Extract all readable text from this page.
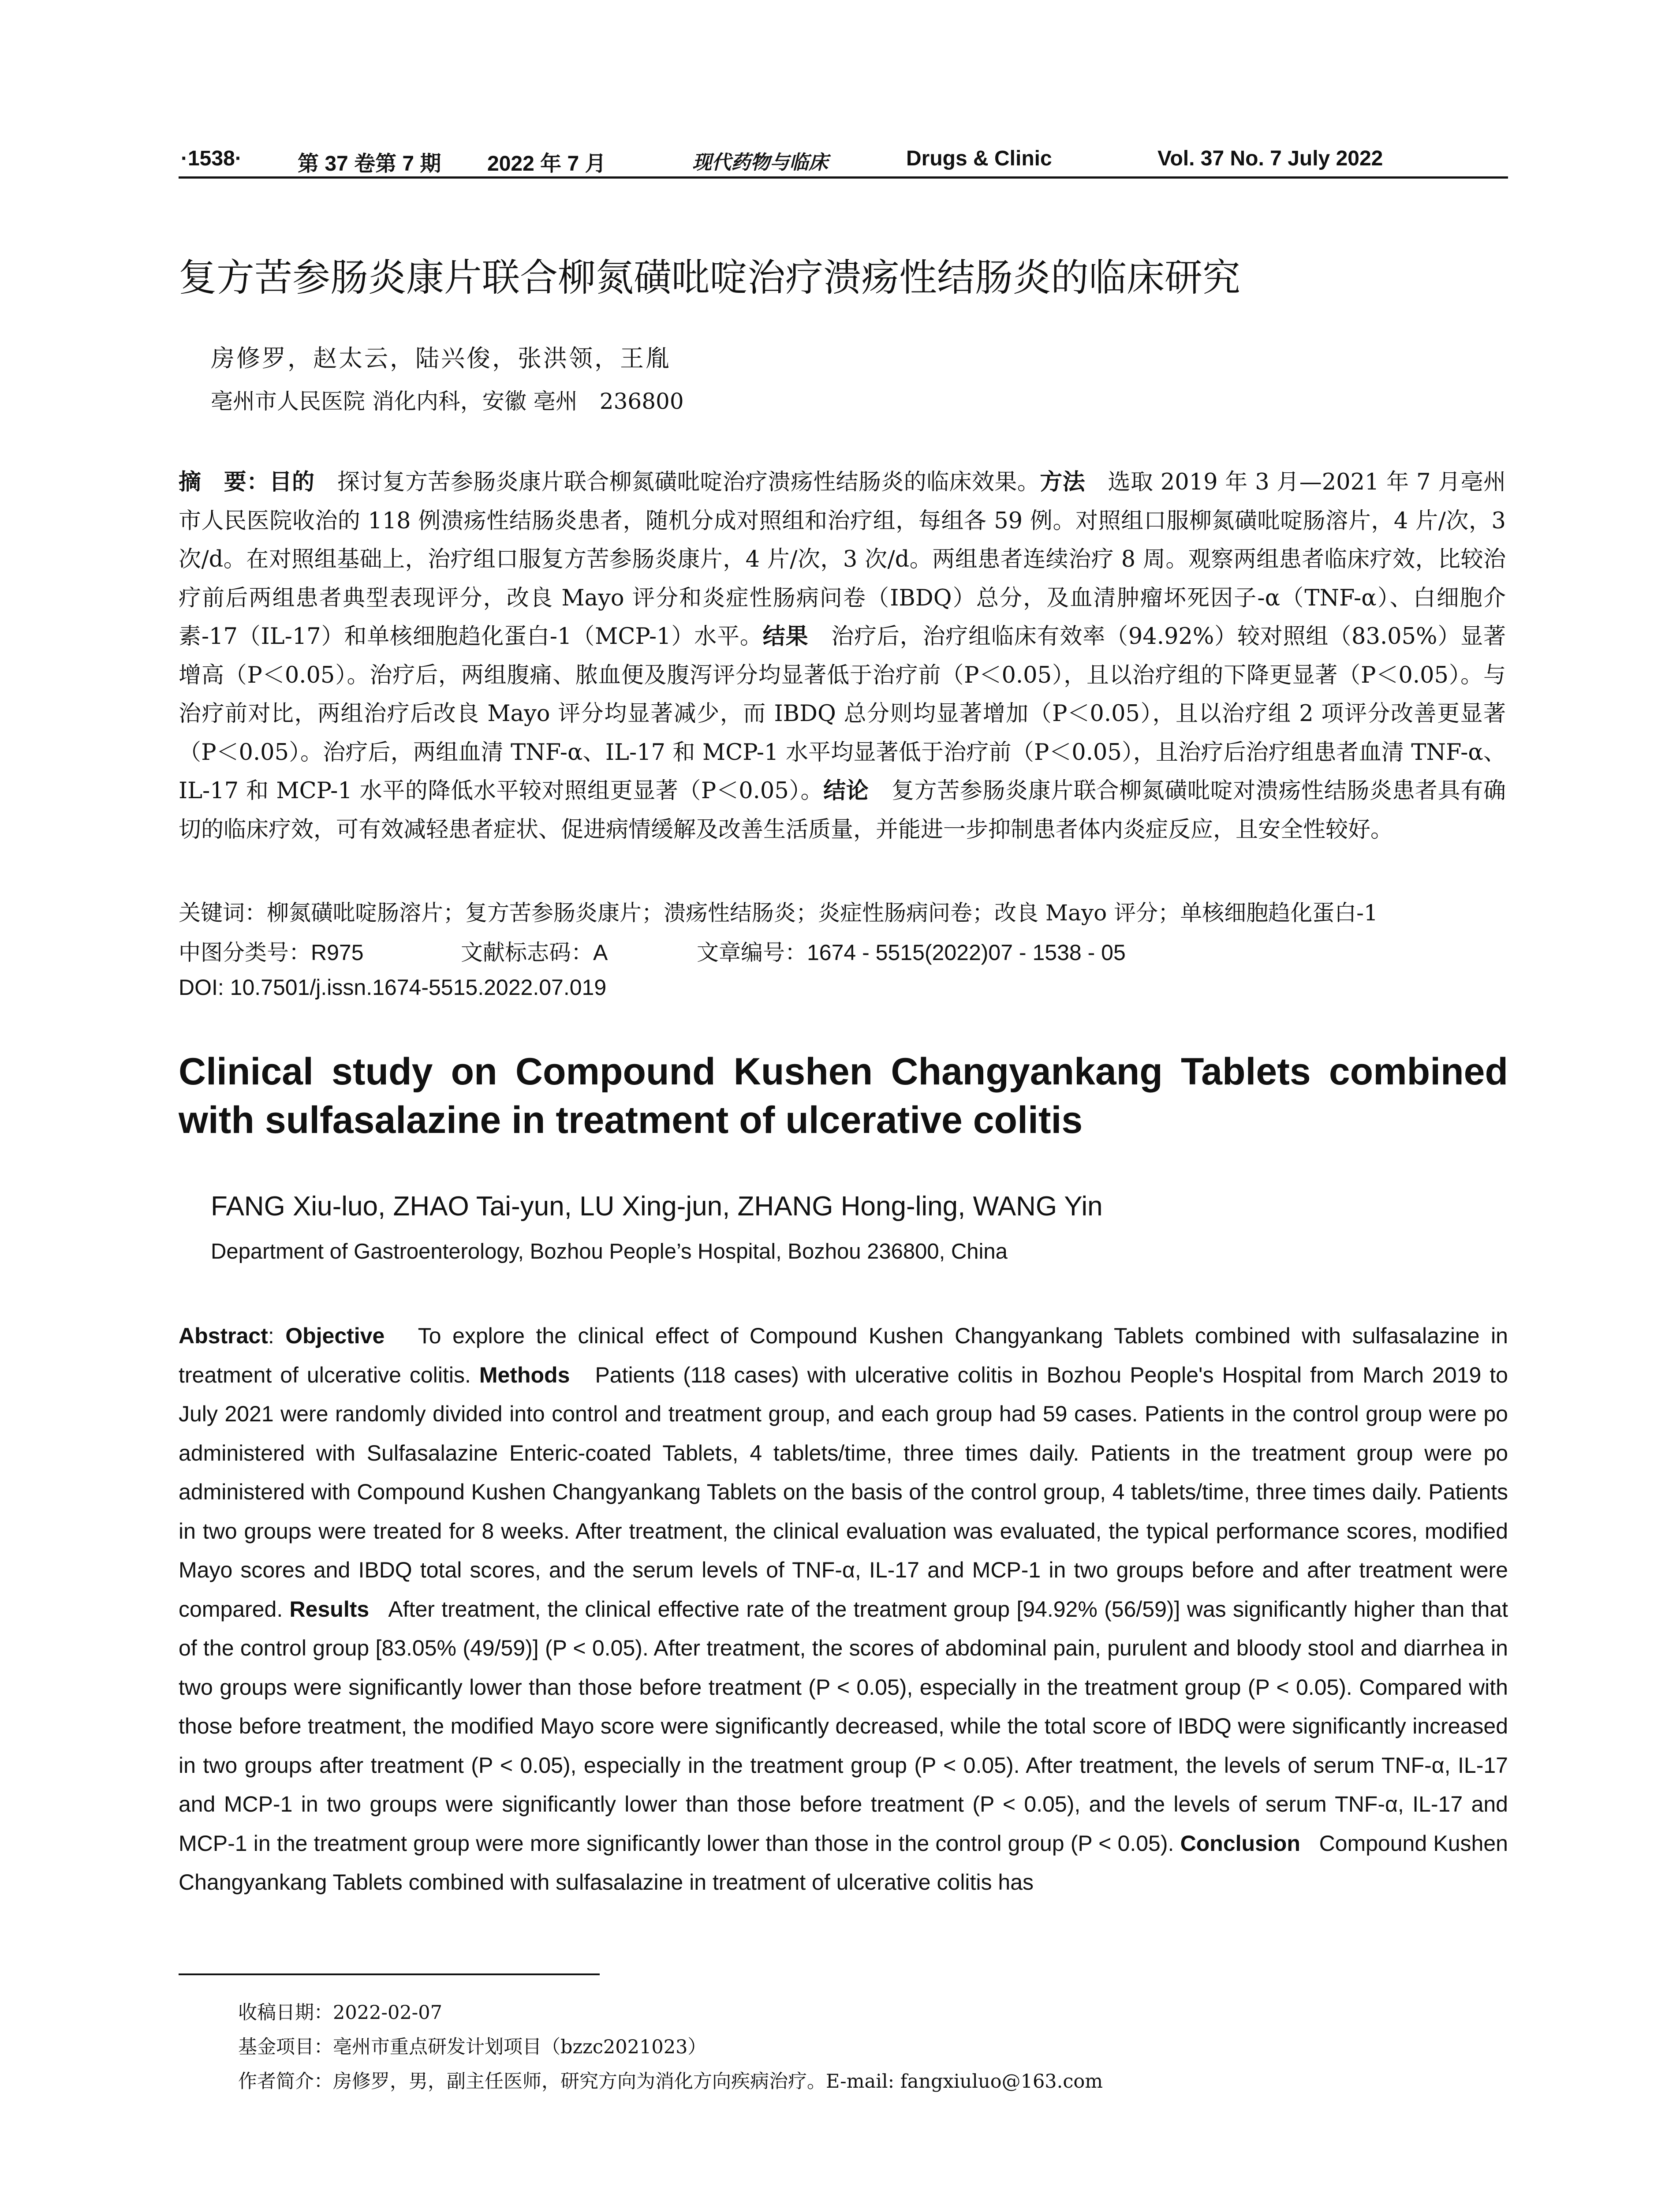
·1538·	第 37 卷第 7 期 2022 年 7 月	现代药物与临床	Drugs & Clinic	Vol. 37 No. 7 July 2022
复方苦参肠炎康片联合柳氮磺吡啶治疗溃疡性结肠炎的临床研究
房修罗，赵太云，陆兴俊，张洪领，王胤
亳州市人民医院 消化内科，安徽 亳州　236800
摘　要：目的　 探讨复方苦参肠炎康片联合柳氮磺吡啶治疗溃疡性结肠炎的临床效果。方法　 选取 2019 年 3 月—2021 年 7 月亳州市人民医院收治的 118 例溃疡性结肠炎患者，随机分成对照组和治疗组，每组各 59 例。对照组口服柳氮磺吡啶肠溶片，4 片/次，3 次/d。在对照组基础上，治疗组口服复方苦参肠炎康片，4 片/次，3 次/d。两组患者连续治疗 8 周。观察两组患者临床疗效，比较治疗前后两组患者典型表现评分，改良 Mayo 评分和炎症性肠病问卷（IBDQ）总分，及血清肿瘤坏死因子-α（TNF-α）、白细胞介素-17（IL-17）和单核细胞趋化蛋白-1（MCP-1）水平。结果　 治疗后，治疗组临床有效率（94.92%）较对照组（83.05%）显著增高（P＜0.05）。治疗后，两组腹痛、脓血便及腹泻评分均显著低于治疗前（P＜0.05），且以治疗组的下降更显著（P＜0.05）。与治疗前对比，两组治疗后改良 Mayo 评分均显著减少，而 IBDQ 总分则均显著增加（P＜0.05），且以治疗组 2 项评分改善更显著（P＜0.05）。治疗后，两组血清 TNF-α、IL-17 和 MCP-1 水平均显著低于治疗前（P＜0.05），且治疗后治疗组患者血清 TNF-α、IL-17 和 MCP-1 水平的降低水平较对照组更显著（P＜0.05）。结论　 复方苦参肠炎康片联合柳氮磺吡啶对溃疡性结肠炎患者具有确切的临床疗效，可有效减轻患者症状、促进病情缓解及改善生活质量，并能进一步抑制患者体内炎症反应，且安全性较好。
关键词：柳氮磺吡啶肠溶片；复方苦参肠炎康片；溃疡性结肠炎；炎症性肠病问卷；改良 Mayo 评分；单核细胞趋化蛋白-1
中图分类号：R975	文献标志码：A	文章编号：1674 - 5515(2022)07 - 1538 - 05
DOI: 10.7501/j.issn.1674-5515.2022.07.019
Clinical study on Compound Kushen Changyankang Tablets combined with sulfasalazine in treatment of ulcerative colitis
FANG Xiu-luo, ZHAO Tai-yun, LU Xing-jun, ZHANG Hong-ling, WANG Yin
Department of Gastroenterology, Bozhou People’s Hospital, Bozhou 236800, China
Abstract: Objective To explore the clinical effect of Compound Kushen Changyankang Tablets combined with sulfasalazine in treatment of ulcerative colitis. Methods Patients (118 cases) with ulcerative colitis in Bozhou People's Hospital from March 2019 to July 2021 were randomly divided into control and treatment group, and each group had 59 cases. Patients in the control group were po administered with Sulfasalazine Enteric-coated Tablets, 4 tablets/time, three times daily. Patients in the treatment group were po administered with Compound Kushen Changyankang Tablets on the basis of the control group, 4 tablets/time, three times daily. Patients in two groups were treated for 8 weeks. After treatment, the clinical evaluation was evaluated, the typical performance scores, modified Mayo scores and IBDQ total scores, and the serum levels of TNF-α, IL-17 and MCP-1 in two groups before and after treatment were compared. Results After treatment, the clinical effective rate of the treatment group [94.92% (56/59)] was significantly higher than that of the control group [83.05% (49/59)] (P < 0.05). After treatment, the scores of abdominal pain, purulent and bloody stool and diarrhea in two groups were significantly lower than those before treatment (P < 0.05), especially in the treatment group (P < 0.05). Compared with those before treatment, the modified Mayo score were significantly decreased, while the total score of IBDQ were significantly increased in two groups after treatment (P < 0.05), especially in the treatment group (P < 0.05). After treatment, the levels of serum TNF-α, IL-17 and MCP-1 in two groups were significantly lower than those before treatment (P < 0.05), and the levels of serum TNF-α, IL-17 and MCP-1 in the treatment group were more significantly lower than those in the control group (P < 0.05). Conclusion Compound Kushen Changyankang Tablets combined with sulfasalazine in treatment of ulcerative colitis has
收稿日期：2022-02-07
基金项目：亳州市重点研发计划项目（bzzc2021023）
作者简介：房修罗，男，副主任医师，研究方向为消化方向疾病治疗。E-mail: fangxiuluo@163.com
